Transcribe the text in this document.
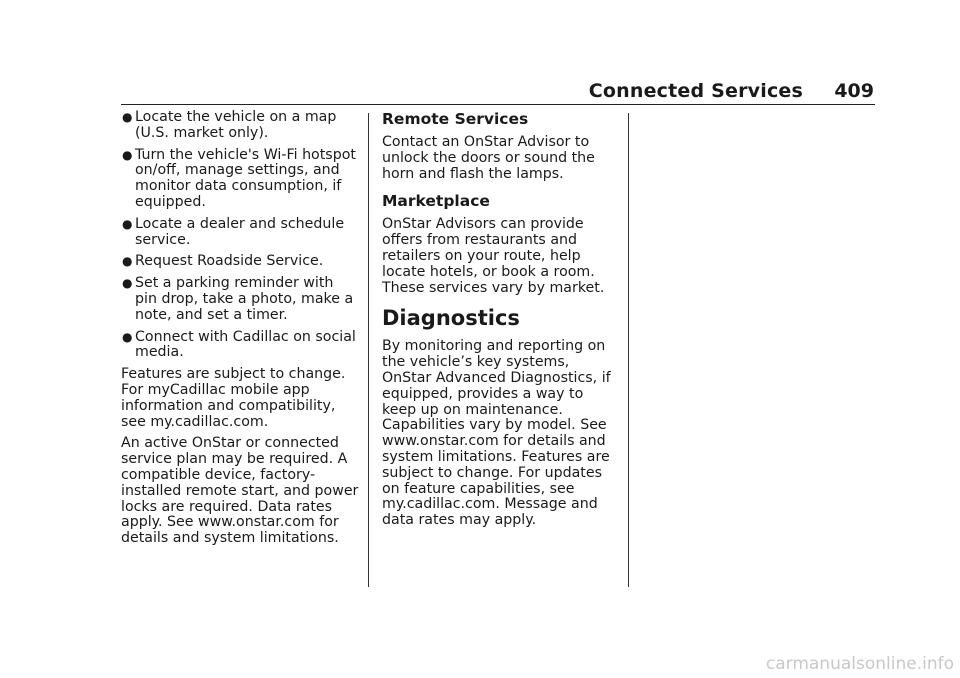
Connected Services 409
● Locate the vehicle on a map (U.S. market only).
● Turn the vehicle's Wi-Fi hotspot on/off, manage settings, and monitor data consumption, if equipped.
● Locate a dealer and schedule service.
● Request Roadside Service.
● Set a parking reminder with pin drop, take a photo, make a note, and set a timer.
● Connect with Cadillac on social media.

Features are subject to change. For myCadillac mobile app information and compatibility, see my.cadillac.com.

An active OnStar or connected service plan may be required. A compatible device, factory-installed remote start, and power locks are required. Data rates apply. See www.onstar.com for details and system limitations.

Remote Services

Contact an OnStar Advisor to unlock the doors or sound the horn and flash the lamps.

Marketplace

OnStar Advisors can provide offers from restaurants and retailers on your route, help locate hotels, or book a room. These services vary by market.

Diagnostics

By monitoring and reporting on the vehicle’s key systems, OnStar Advanced Diagnostics, if equipped, provides a way to keep up on maintenance. Capabilities vary by model. See www.onstar.com for details and system limitations. Features are subject to change. For updates on feature capabilities, see my.cadillac.com. Message and data rates may apply.

carmanualsonline.info
